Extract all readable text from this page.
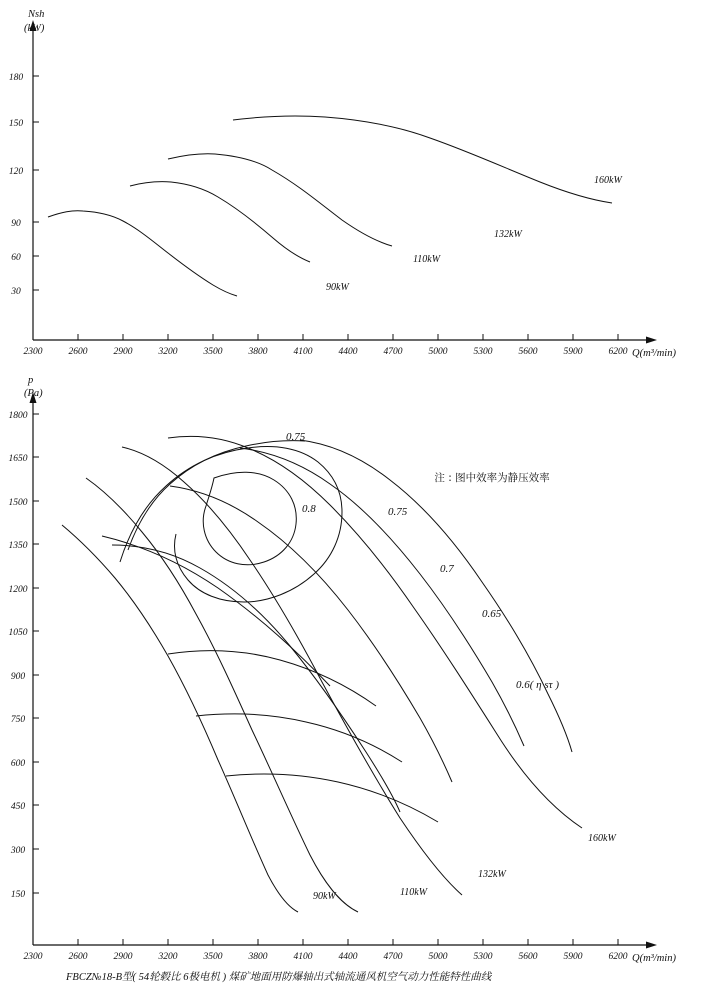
30
60
90
120
150
180
Nsh
(kW)
2300	2600	2900	3200	3500	3800	4100	4400	4700	5000	5300	5600	5900	6200 Q(m³/min)
90kW
110kW
132kW
160kW
150
300
450
600
750
900
1050
1200
1350
1500
1650
1800
p
(Pa)
2300	2600	2900	3200	3500	3800	4100	4400	4700	5000	5300	5600	5900	6200 Q(m³/min)
0.75
0.8	0.75
0.7
0.65
0.6( η sτ )
90kW	110kW
132kW
160kW
注 : 图中效率为静压效率
FBCZ№18-B型( 54轮毂比 6极电机 ) 煤矿地面用防爆轴出式轴流通风机空气动力性能特性曲线
